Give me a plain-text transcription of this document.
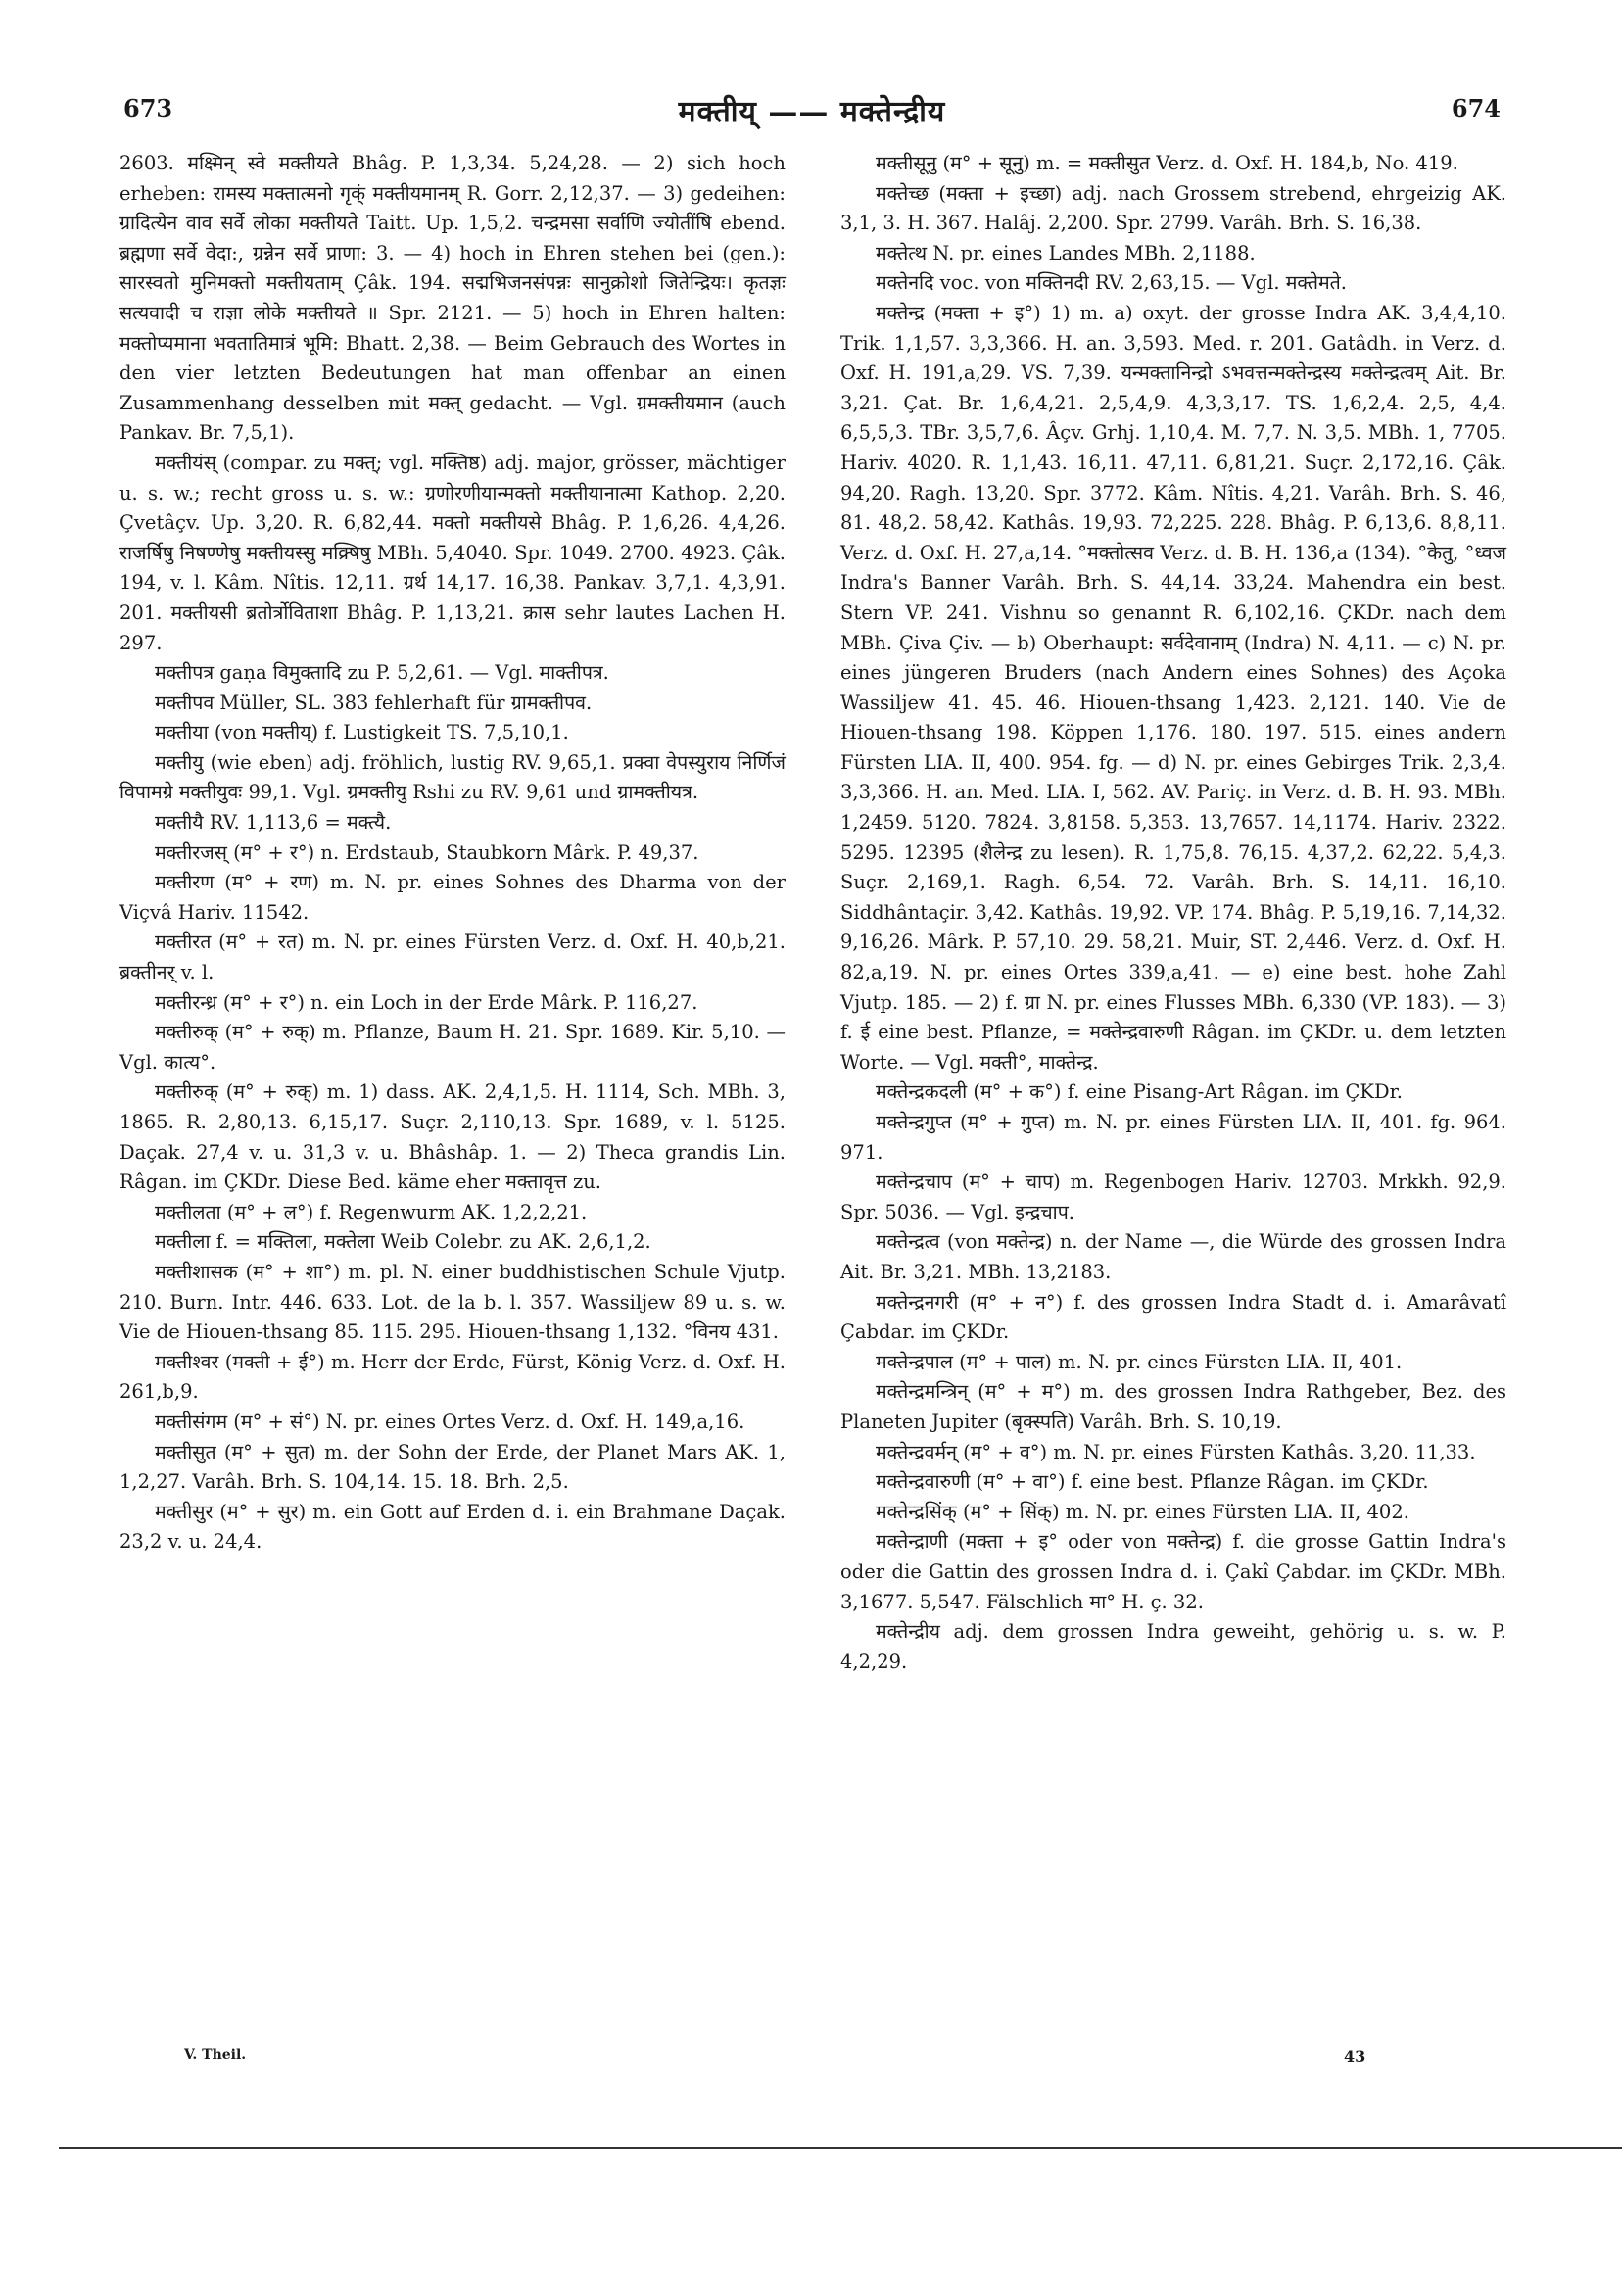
673	मक्तीय् —— मक्तेन्द्रीय	674

2603. मक्ष्मिन् स्वे मक्तीयते Bhâg. P. 1,3,34. 5,24,28. — 2) sich hoch erheben: रामस्य मक्तात्मनो गृक्ं मक्तीयमानम् R. Gorr. 2,12,37. — 3) gedeihen: ग्रादित्येन वाव सर्वे लोका मक्तीयते Taitt. Up. 1,5,2. चन्द्रमसा सर्वाणि ज्योतींषि ebend. ब्रह्मणा सर्वे वेदा:, ग्रन्नेन सर्वे प्राणा: 3. — 4) hoch in Ehren stehen bei (gen.): सारस्वतो मुनिमक्तो मक्तीयताम् Çâk. 194. सद्मभिजनसंपन्नः सानुक्रोशो जितेन्द्रियः। कृतज्ञः सत्यवादी च राज्ञा लोके मक्तीयते ॥ Spr. 2121. — 5) hoch in Ehren halten: मक्तोप्यमाना भवतातिमात्रं भूमि: Bhatt. 2,38. — Beim Gebrauch des Wortes in den vier letzten Bedeutungen hat man offenbar an einen Zusammenhang desselben mit मक्त् gedacht. — Vgl. ग्रमक्तीयमान (auch Pankav. Br. 7,5,1).

मक्तीयंस् (compar. zu मक्त्; vgl. मक्तिष्ठ) adj. major, grösser, mächtiger u. s. w.; recht gross u. s. w.: ग्रणोरणीयान्मक्तो मक्तीयानात्मा Kathop. 2,20. Çvetâçv. Up. 3,20. R. 6,82,44. मक्तो मक्तीयसे Bhâg. P. 1,6,26. 4,4,26. राजर्षिषु निषण्णेषु मक्तीयस्सु मक्र्षिषु MBh. 5,4040. Spr. 1049. 2700. 4923. Çâk. 194, v. l. Kâm. Nîtis. 12,11. ग्रर्थ 14,17. 16,38. Pankav. 3,7,1. 4,3,91. 201. मक्तीयसी ब्रतोर्त्रोविताशा Bhâg. P. 1,13,21. क्रास sehr lautes Lachen H. 297.

मक्तीपत्र gaṇa विमुक्तादि zu P. 5,2,61. — Vgl. माक्तीपत्र.

मक्तीपव Müller, SL. 383 fehlerhaft für ग्रामक्तीपव.

मक्तीया (von मक्तीय्) f. Lustigkeit TS. 7,5,10,1.

मक्तीयु (wie eben) adj. fröhlich, lustig RV. 9,65,1. प्रक्वा वेपस्युराय निर्णिजं विपामग्रे मक्तीयुवः 99,1. Vgl. ग्रमक्तीयु Rshi zu RV. 9,61 und ग्रामक्तीयत्र.

मक्तीयै RV. 1,113,6 = मक्त्यै.

मक्तीरजस् (म° + र°) n. Erdstaub, Staubkorn Mârk. P. 49,37.

मक्तीरण (म° + रण) m. N. pr. eines Sohnes des Dharma von der Viçvâ Hariv. 11542.

मक्तीरत (म° + रत) m. N. pr. eines Fürsten Verz. d. Oxf. H. 40,b,21. ब्रक्तीनर् v. l.

मक्तीरन्ध्र (म° + र°) n. ein Loch in der Erde Mârk. P. 116,27.

मक्तीरुक् (म° + रुक्) m. Pflanze, Baum H. 21. Spr. 1689. Kir. 5,10. — Vgl. कात्य°.

मक्तीरुक् (म° + रुक्) m. 1) dass. AK. 2,4,1,5. H. 1114, Sch. MBh. 3, 1865. R. 2,80,13. 6,15,17. Suçr. 2,110,13. Spr. 1689, v. l. 5125. Daçak. 27,4 v. u. 31,3 v. u. Bhâshâp. 1. — 2) Theca grandis Lin. Râgan. im ÇKDr. Diese Bed. käme eher मक्तावृत्त zu.

मक्तीलता (म° + ल°) f. Regenwurm AK. 1,2,2,21.

मक्तीला f. = मक्तिला, मक्तेला Weib Colebr. zu AK. 2,6,1,2.

मक्तीशासक (म° + शा°) m. pl. N. einer buddhistischen Schule Vjutp. 210. Burn. Intr. 446. 633. Lot. de la b. l. 357. Wassiljew 89 u. s. w. Vie de Hiouen-thsang 85. 115. 295. Hiouen-thsang 1,132. °विनय 431.

मक्तीश्वर (मक्ती + ई°) m. Herr der Erde, Fürst, König Verz. d. Oxf. H. 261,b,9.

मक्तीसंगम (म° + सं°) N. pr. eines Ortes Verz. d. Oxf. H. 149,a,16.

मक्तीसुत (म° + सुत) m. der Sohn der Erde, der Planet Mars AK. 1, 1,2,27. Varâh. Brh. S. 104,14. 15. 18. Brh. 2,5.

मक्तीसुर (म° + सुर) m. ein Gott auf Erden d. i. ein Brahmane Daçak. 23,2 v. u. 24,4.

मक्तीसूनु (म° + सूनु) m. = मक्तीसुत Verz. d. Oxf. H. 184,b, No. 419.

मक्तेच्छ (मक्ता + इच्छा) adj. nach Grossem strebend, ehrgeizig AK. 3,1, 3. H. 367. Halâj. 2,200. Spr. 2799. Varâh. Brh. S. 16,38.

मक्तेत्थ N. pr. eines Landes MBh. 2,1188.

मक्तेनदि voc. von मक्तिनदी RV. 2,63,15. — Vgl. मक्तेमते.

मक्तेन्द्र (मक्ता + इ°) 1) m. a) oxyt. der grosse Indra AK. 3,4,4,10. Trik. 1,1,57. 3,3,366. H. an. 3,593. Med. r. 201. Gatâdh. in Verz. d. Oxf. H. 191,a,29. VS. 7,39. यन्मक्तानिन्द्रो ऽभवत्तन्मक्तेन्द्रस्य मक्तेन्द्रत्वम् Ait. Br. 3,21. Çat. Br. 1,6,4,21. 2,5,4,9. 4,3,3,17. TS. 1,6,2,4. 2,5, 4,4. 6,5,5,3. TBr. 3,5,7,6. Âçv. Grhj. 1,10,4. M. 7,7. N. 3,5. MBh. 1, 7705. Hariv. 4020. R. 1,1,43. 16,11. 47,11. 6,81,21. Suçr. 2,172,16. Çâk. 94,20. Ragh. 13,20. Spr. 3772. Kâm. Nîtis. 4,21. Varâh. Brh. S. 46, 81. 48,2. 58,42. Kathâs. 19,93. 72,225. 228. Bhâg. P. 6,13,6. 8,8,11. Verz. d. Oxf. H. 27,a,14. °मक्तोत्सव Verz. d. B. H. 136,a (134). °केतु, °ध्वज Indra's Banner Varâh. Brh. S. 44,14. 33,24. Mahendra ein best. Stern VP. 241. Vishnu so genannt R. 6,102,16. ÇKDr. nach dem MBh. Çiva Çiv. — b) Oberhaupt: सर्वदेवानाम् (Indra) N. 4,11. — c) N. pr. eines jüngeren Bruders (nach Andern eines Sohnes) des Açoka Wassiljew 41. 45. 46. Hiouen-thsang 1,423. 2,121. 140. Vie de Hiouen-thsang 198. Köppen 1,176. 180. 197. 515. eines andern Fürsten LIA. II, 400. 954. fg. — d) N. pr. eines Gebirges Trik. 2,3,4. 3,3,366. H. an. Med. LIA. I, 562. AV. Pariç. in Verz. d. B. H. 93. MBh. 1,2459. 5120. 7824. 3,8158. 5,353. 13,7657. 14,1174. Hariv. 2322. 5295. 12395 (शैलेन्द्र zu lesen). R. 1,75,8. 76,15. 4,37,2. 62,22. 5,4,3. Suçr. 2,169,1. Ragh. 6,54. 72. Varâh. Brh. S. 14,11. 16,10. Siddhântaçir. 3,42. Kathâs. 19,92. VP. 174. Bhâg. P. 5,19,16. 7,14,32. 9,16,26. Mârk. P. 57,10. 29. 58,21. Muir, ST. 2,446. Verz. d. Oxf. H. 82,a,19. N. pr. eines Ortes 339,a,41. — e) eine best. hohe Zahl Vjutp. 185. — 2) f. ग्रा N. pr. eines Flusses MBh. 6,330 (VP. 183). — 3) f. ई eine best. Pflanze, = मक्तेन्द्रवारुणी Râgan. im ÇKDr. u. dem letzten Worte. — Vgl. मक्ती°, माक्तेन्द्र.

मक्तेन्द्रकदली (म° + क°) f. eine Pisang-Art Râgan. im ÇKDr.

मक्तेन्द्रगुप्त (म° + गुप्त) m. N. pr. eines Fürsten LIA. II, 401. fg. 964. 971.

मक्तेन्द्रचाप (म° + चाप) m. Regenbogen Hariv. 12703. Mrkkh. 92,9. Spr. 5036. — Vgl. इन्द्रचाप.

मक्तेन्द्रत्व (von मक्तेन्द्र) n. der Name —, die Würde des grossen Indra Ait. Br. 3,21. MBh. 13,2183.

मक्तेन्द्रनगरी (म° + न°) f. des grossen Indra Stadt d. i. Amarâvatî Çabdar. im ÇKDr.

मक्तेन्द्रपाल (म° + पाल) m. N. pr. eines Fürsten LIA. II, 401.

मक्तेन्द्रमन्त्रिन् (म° + म°) m. des grossen Indra Rathgeber, Bez. des Planeten Jupiter (बृक्स्पति) Varâh. Brh. S. 10,19.

मक्तेन्द्रवर्मन् (म° + व°) m. N. pr. eines Fürsten Kathâs. 3,20. 11,33.

मक्तेन्द्रवारुणी (म° + वा°) f. eine best. Pflanze Râgan. im ÇKDr.

मक्तेन्द्रसिंक् (म° + सिंक्) m. N. pr. eines Fürsten LIA. II, 402.

मक्तेन्द्राणी (मक्ता + इ° oder von मक्तेन्द्र) f. die grosse Gattin Indra's oder die Gattin des grossen Indra d. i. Çakî Çabdar. im ÇKDr. MBh. 3,1677. 5,547. Fälschlich मा° H. ç. 32.

मक्तेन्द्रीय adj. dem grossen Indra geweiht, gehörig u. s. w. P. 4,2,29.

V. Theil.	43
